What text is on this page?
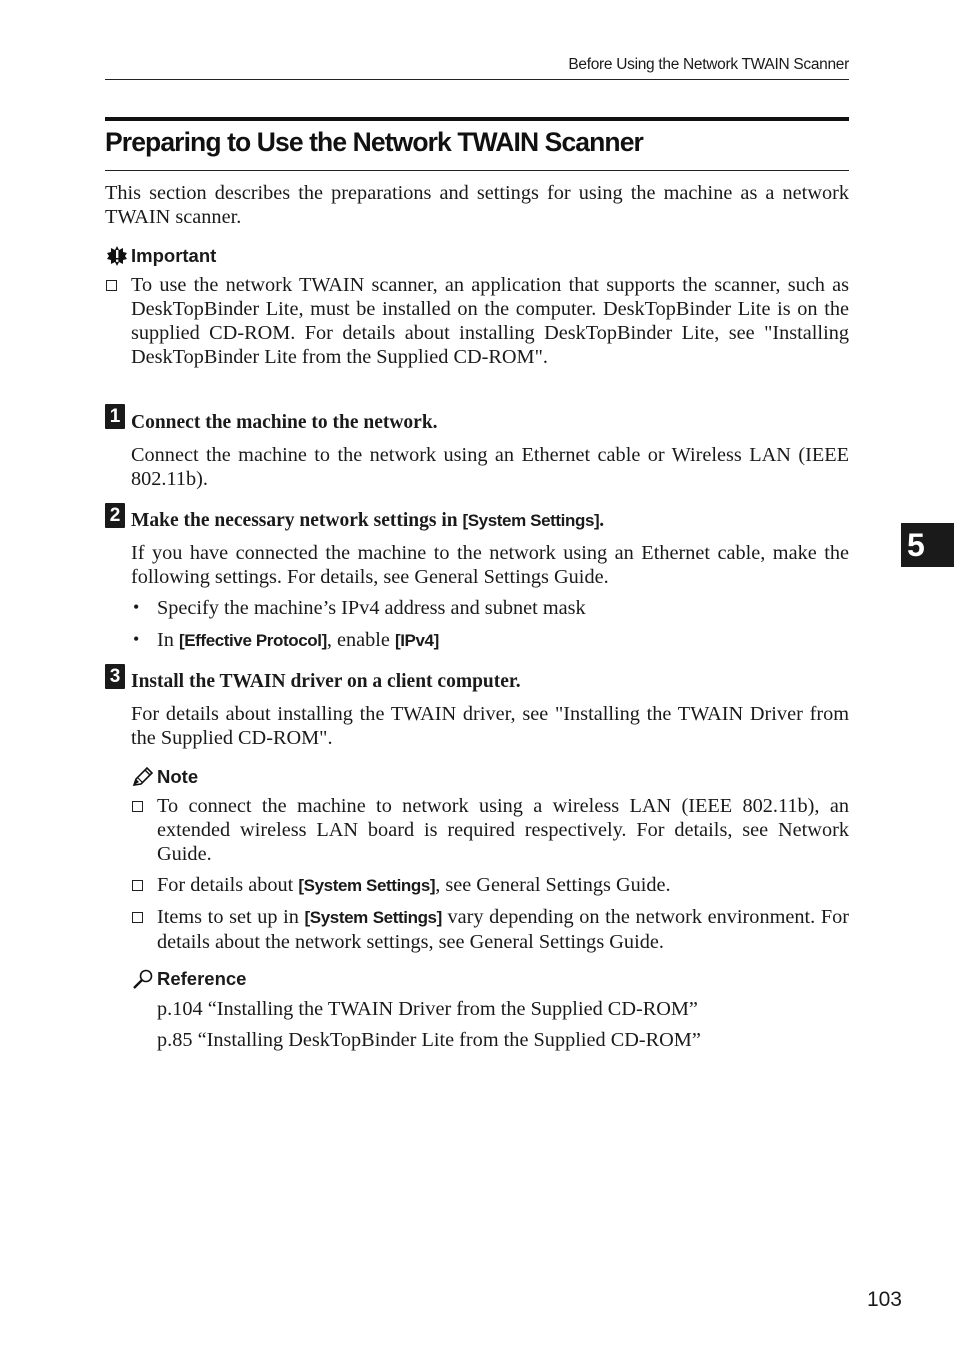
Before Using the Network TWAIN Scanner
Preparing to Use the Network TWAIN Scanner

This section describes the preparations and settings for using the machine as a network TWAIN scanner.

Important

To use the network TWAIN scanner, an application that supports the scanner, such as DeskTopBinder Lite, must be installed on the computer. DeskTopBinder Lite is on the supplied CD-ROM. For details about installing DeskTopBinder Lite, see "Installing DeskTopBinder Lite from the Supplied CD-ROM".

1 Connect the machine to the network.

Connect the machine to the network using an Ethernet cable or Wireless LAN (IEEE 802.11b).

2 Make the necessary network settings in [System Settings].

If you have connected the machine to the network using an Ethernet cable, make the following settings. For details, see General Settings Guide.

• Specify the machine’s IPv4 address and subnet mask

• In [Effective Protocol], enable [IPv4]

3 Install the TWAIN driver on a client computer.

For details about installing the TWAIN driver, see "Installing the TWAIN Driver from the Supplied CD-ROM".

Note

To connect the machine to network using a wireless LAN (IEEE 802.11b), an extended wireless LAN board is required respectively. For details, see Network Guide.

For details about [System Settings], see General Settings Guide.

Items to set up in [System Settings] vary depending on the network environment. For details about the network settings, see General Settings Guide.

Reference

p.104 “Installing the TWAIN Driver from the Supplied CD-ROM”

p.85 “Installing DeskTopBinder Lite from the Supplied CD-ROM”

5
103
